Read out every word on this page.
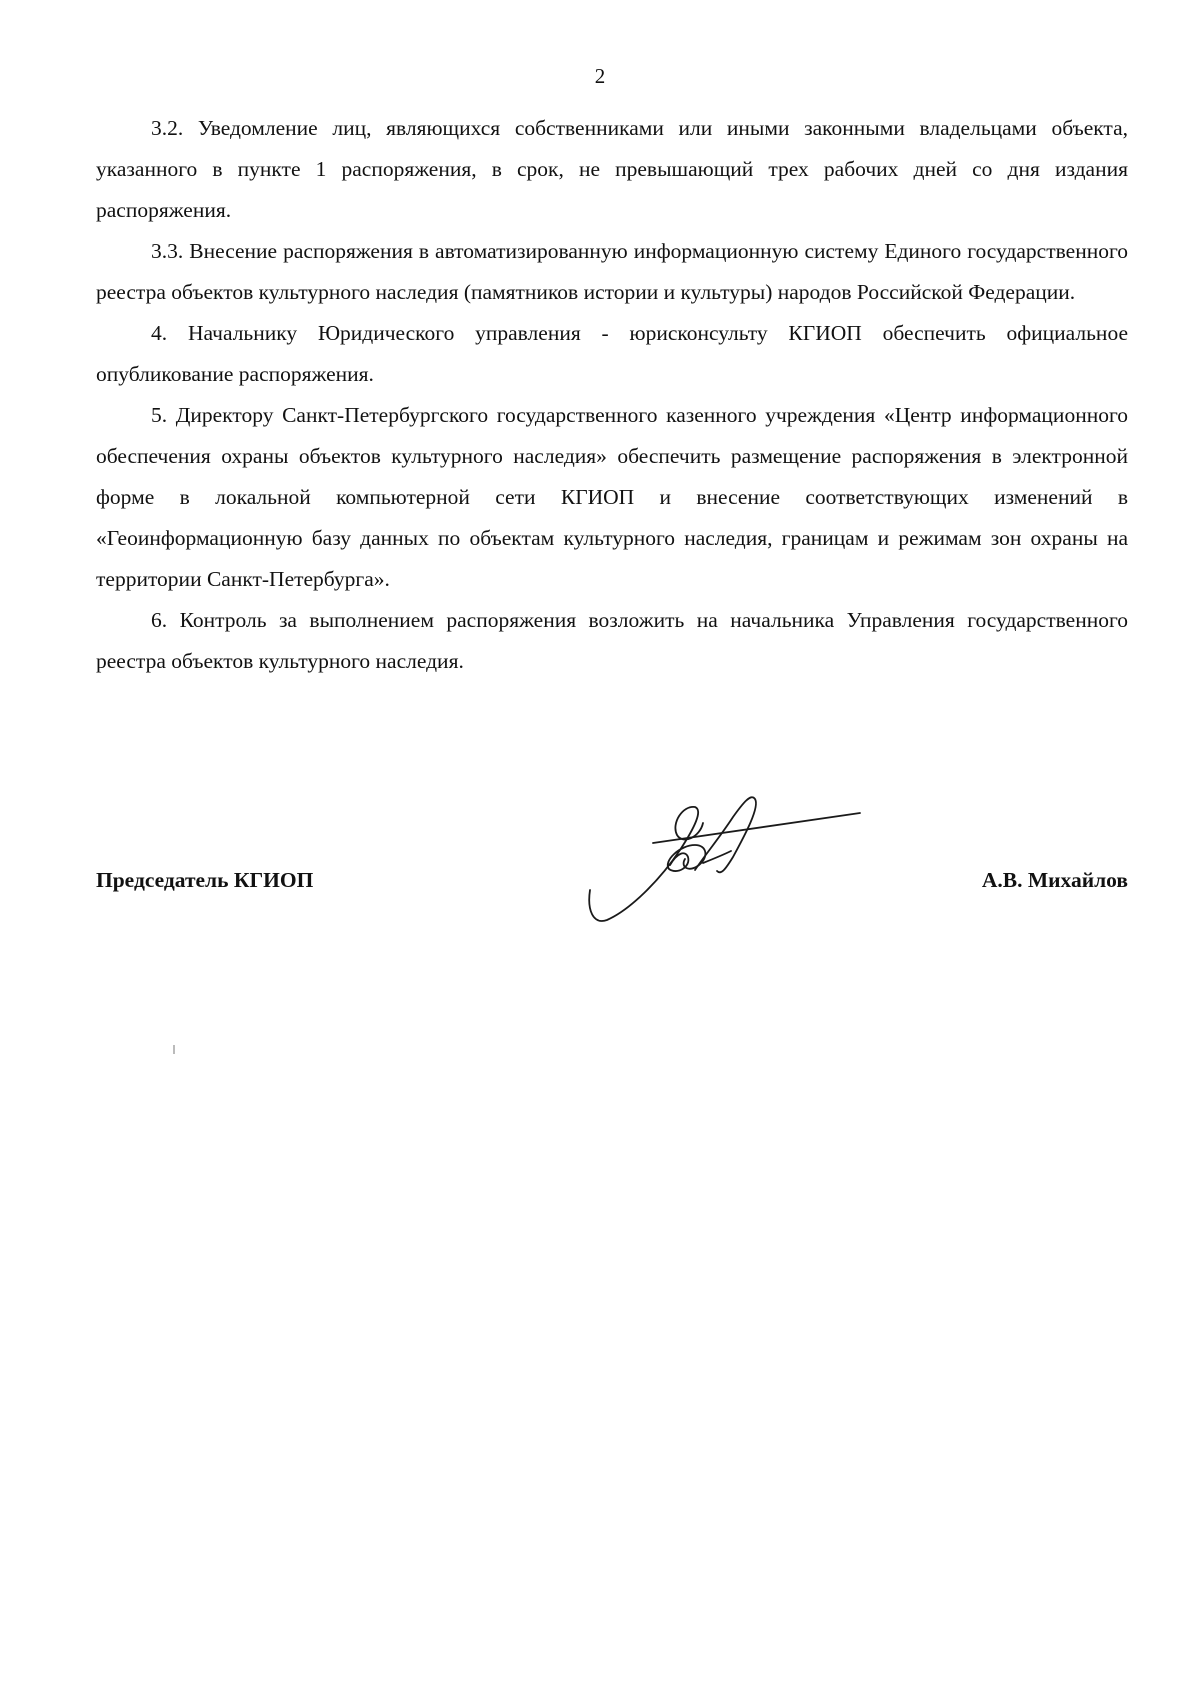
2

3.2. Уведомление лиц, являющихся собственниками или иными законными владельцами объекта, указанного в пункте 1 распоряжения, в срок, не превышающий трех рабочих дней со дня издания распоряжения.

3.3. Внесение распоряжения в автоматизированную информационную систему Единого государственного реестра объектов культурного наследия (памятников истории и культуры) народов Российской Федерации.

4. Начальнику Юридического управления - юрисконсульту КГИОП обеспечить официальное опубликование распоряжения.

5. Директору Санкт-Петербургского государственного казенного учреждения «Центр информационного обеспечения охраны объектов культурного наследия» обеспечить размещение распоряжения в электронной форме в локальной компьютерной сети КГИОП и внесение соответствующих изменений в «Геоинформационную базу данных по объектам культурного наследия, границам и режимам зон охраны на территории Санкт-Петербурга».

6. Контроль за выполнением распоряжения возложить на начальника Управления государственного реестра объектов культурного наследия.

Председатель КГИОП	А.В. Михайлов
